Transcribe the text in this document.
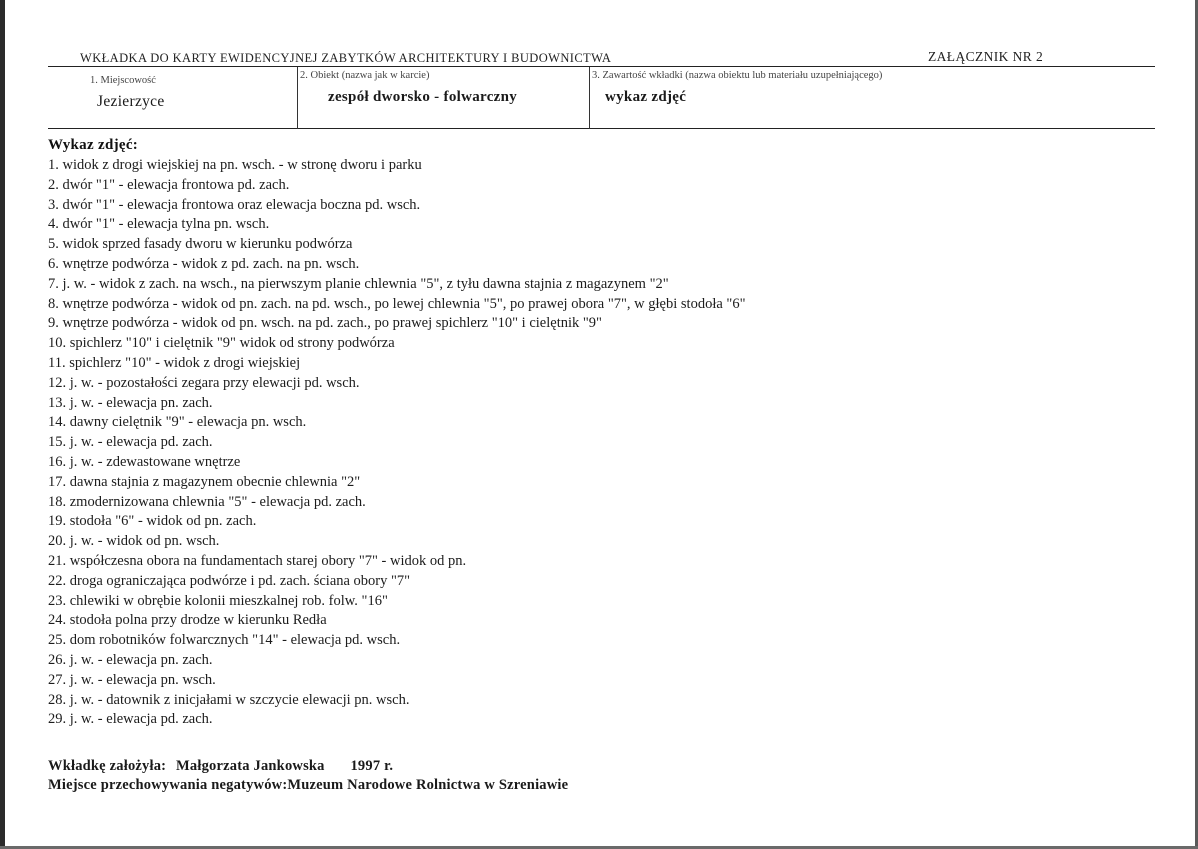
WKŁADKA DO KARTY EWIDENCYJNEJ ZABYTKÓW ARCHITEKTURY I BUDOWNICTWA	ZAŁĄCZNIK NR 2
1. Miejscowość
Jezierzyce
2. Obiekt (nazwa jak w karcie)
zespół dworsko - folwarczny
3. Zawartość wkładki (nazwa obiektu lub materiału uzupełniającego)
wykaz zdjęć
Wykaz zdjęć:
1. widok z drogi wiejskiej na pn. wsch. - w stronę dworu i parku
2. dwór "1" - elewacja frontowa pd. zach.
3. dwór "1" - elewacja frontowa oraz elewacja boczna pd. wsch.
4. dwór "1" - elewacja tylna pn. wsch.
5. widok sprzed fasady dworu w kierunku podwórza
6. wnętrze podwórza - widok z pd. zach. na pn. wsch.
7. j. w. - widok z zach. na wsch., na pierwszym planie chlewnia "5", z tyłu dawna stajnia z magazynem "2"
8. wnętrze podwórza - widok od pn. zach. na pd. wsch., po lewej chlewnia "5", po prawej obora "7", w głębi stodoła "6"
9. wnętrze podwórza - widok od pn. wsch. na pd. zach., po prawej spichlerz "10" i cielętnik "9"
10. spichlerz "10" i cielętnik "9" widok od strony podwórza
11. spichlerz "10" - widok z drogi wiejskiej
12. j. w. - pozostałości zegara przy elewacji pd. wsch.
13. j. w. - elewacja pn. zach.
14. dawny cielętnik "9" - elewacja pn. wsch.
15. j. w. - elewacja pd. zach.
16. j. w. - zdewastowane wnętrze
17. dawna stajnia z magazynem obecnie chlewnia "2"
18. zmodernizowana chlewnia "5" - elewacja pd. zach.
19. stodoła "6" - widok od pn. zach.
20. j. w. - widok od pn. wsch.
21. współczesna obora na fundamentach starej obory "7" - widok od pn.
22. droga ograniczająca podwórze i pd. zach. ściana obory "7"
23. chlewiki w obrębie kolonii mieszkalnej rob. folw. "16"
24. stodoła polna przy drodze w kierunku Redła
25. dom robotników folwarcznych "14" - elewacja pd. wsch.
26. j. w. - elewacja pn. zach.
27. j. w. - elewacja pn. wsch.
28. j. w. - datownik z inicjałami w szczycie elewacji pn. wsch.
29. j. w. - elewacja pd. zach.
Wkładkę założyła: Małgorzata Jankowska 1997 r.
Miejsce przechowywania negatywów:Muzeum Narodowe Rolnictwa w Szreniawie
